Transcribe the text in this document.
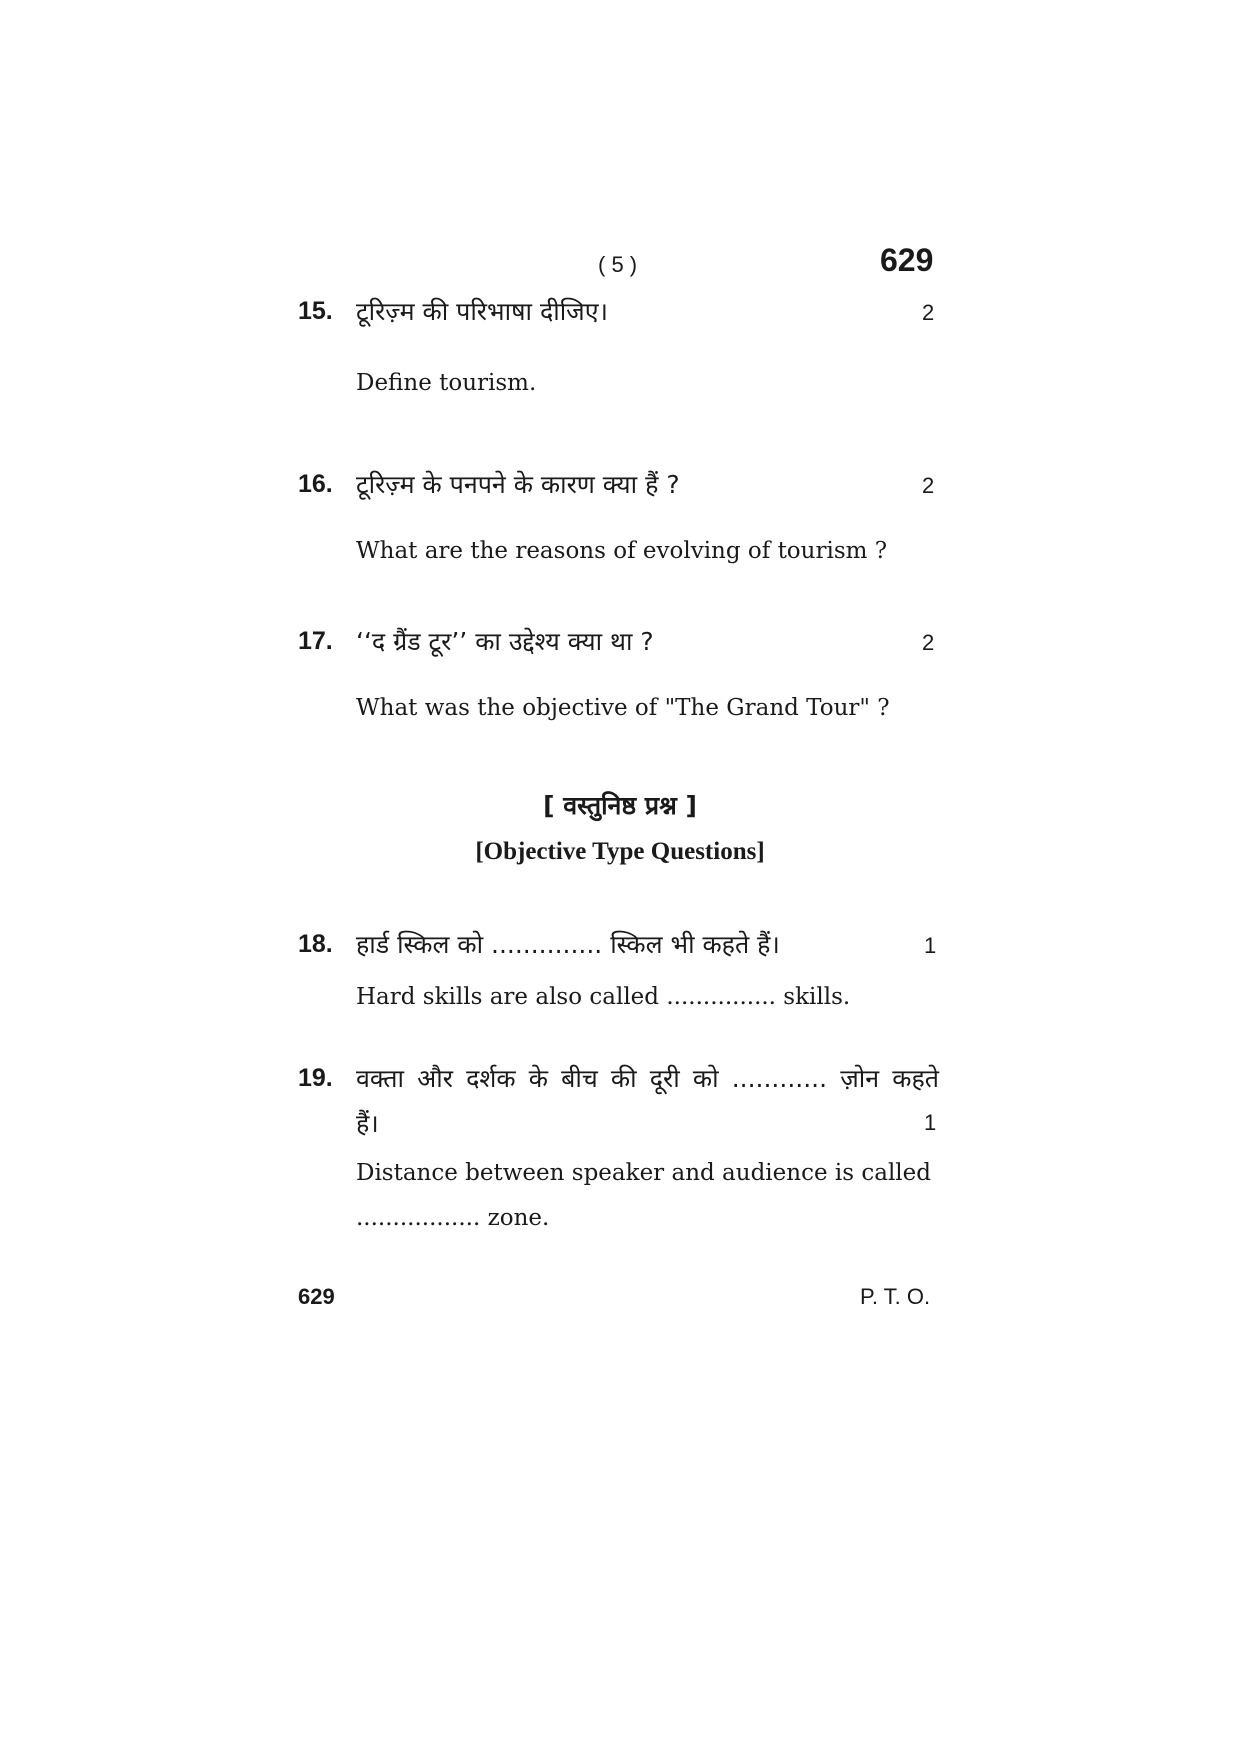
( 5 )	629
15. टूरिज़्म की परिभाषा दीजिए।	2
Define tourism.
16. टूरिज़्म के पनपने के कारण क्या हैं ?	2
What are the reasons of evolving of tourism ?
17. ‘‘द ग्रैंड टूर’’ का उद्देश्य क्या था ?	2
What was the objective of "The Grand Tour" ?
[ वस्तुनिष्ठ प्रश्न ]
[Objective Type Questions]
18. हार्ड स्किल को .............. स्किल भी कहते हैं।	1
Hard skills are also called ............... skills.
19. वक्ता और दर्शक के बीच की दूरी को ............ ज़ोन कहते
हैं।	1
Distance between speaker and audience is called
................. zone.
629	P. T. O.
